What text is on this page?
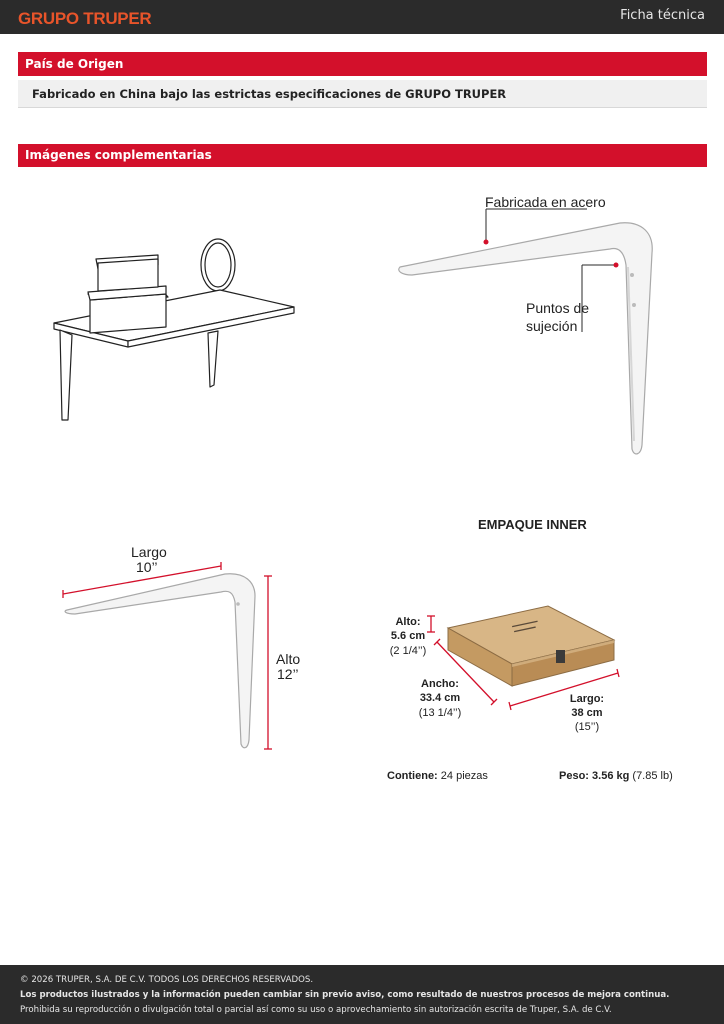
GRUPO TRUPER	Ficha técnica
País de Origen
Fabricado en China bajo las estrictas especificaciones de GRUPO TRUPER
Imágenes complementarias
Fabricada en acero
Puntos de
sujeción
Largo
10’’
Alto
12’’
EMPAQUE INNER
Alto:
5.6 cm
(2 1/4’’)
Ancho:
33.4 cm
(13 1/4’’)
Largo:
38 cm
(15’’)
Contiene: 24 piezas	Peso: 3.56 kg (7.85 lb)
© 2026 TRUPER, S.A. DE C.V. TODOS LOS DERECHOS RESERVADOS.
Los productos ilustrados y la información pueden cambiar sin previo aviso, como resultado de nuestros procesos de mejora continua.
Prohibida su reproducción o divulgación total o parcial así como su uso o aprovechamiento sin autorización escrita de Truper, S.A. de C.V.
